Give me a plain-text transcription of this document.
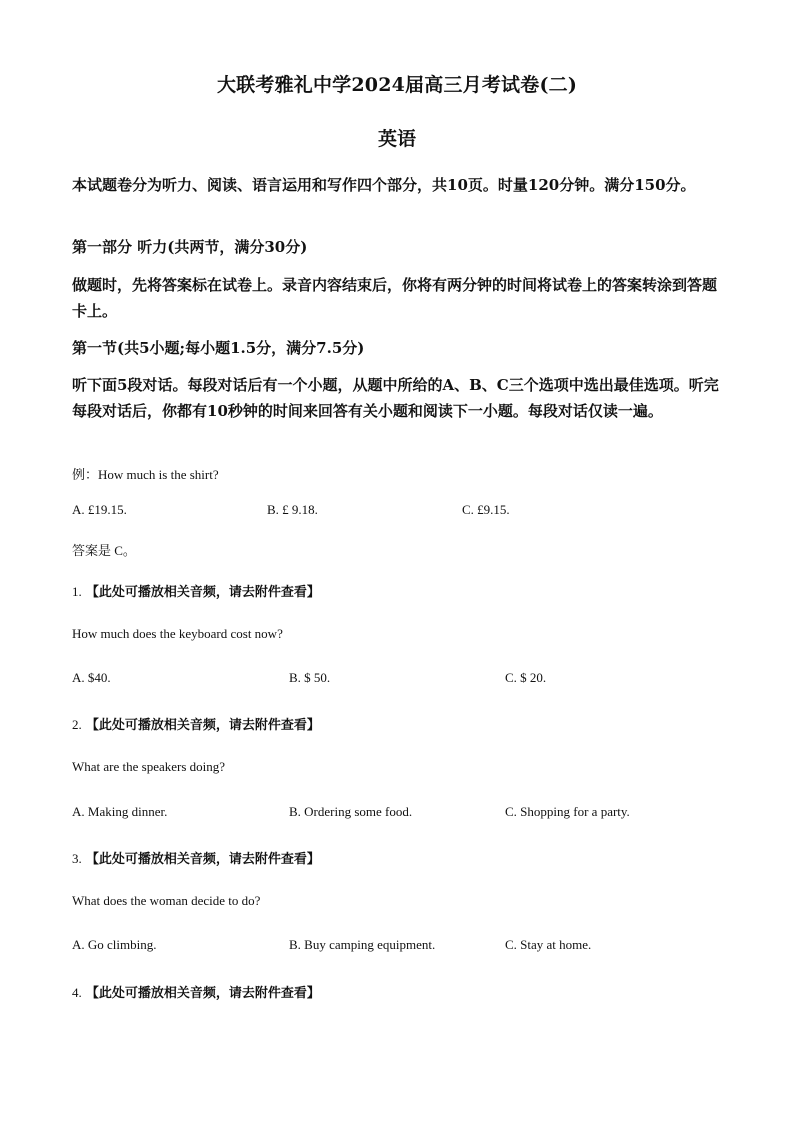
大联考雅礼中学2024届高三月考试卷(二)
英语
本试题卷分为听力、阅读、语言运用和写作四个部分，共10页。时量120分钟。满分150分。
第一部分 听力(共两节，满分30分)
做题时，先将答案标在试卷上。录音内容结束后，你将有两分钟的时间将试卷上的答案转涂到答题卡上。
第一节(共5小题;每小题1.5分，满分7.5分)
听下面5段对话。每段对话后有一个小题，从题中所给的A、B、C三个选项中选出最佳选项。听完每段对话后，你都有10秒钟的时间来回答有关小题和阅读下一小题。每段对话仅读一遍。
例：How much is the shirt?
A. £19.15.	B. £ 9.18.	C. £9.15.
答案是 C。
1. 【此处可播放相关音频，请去附件查看】
How much does the keyboard cost now?
A. $40.	B. $ 50.	C. $ 20.
2. 【此处可播放相关音频，请去附件查看】
What are the speakers doing?
A. Making dinner.	B. Ordering some food.	C. Shopping for a party.
3. 【此处可播放相关音频，请去附件查看】
What does the woman decide to do?
A. Go climbing.	B. Buy camping equipment.	C. Stay at home.
4. 【此处可播放相关音频，请去附件查看】
